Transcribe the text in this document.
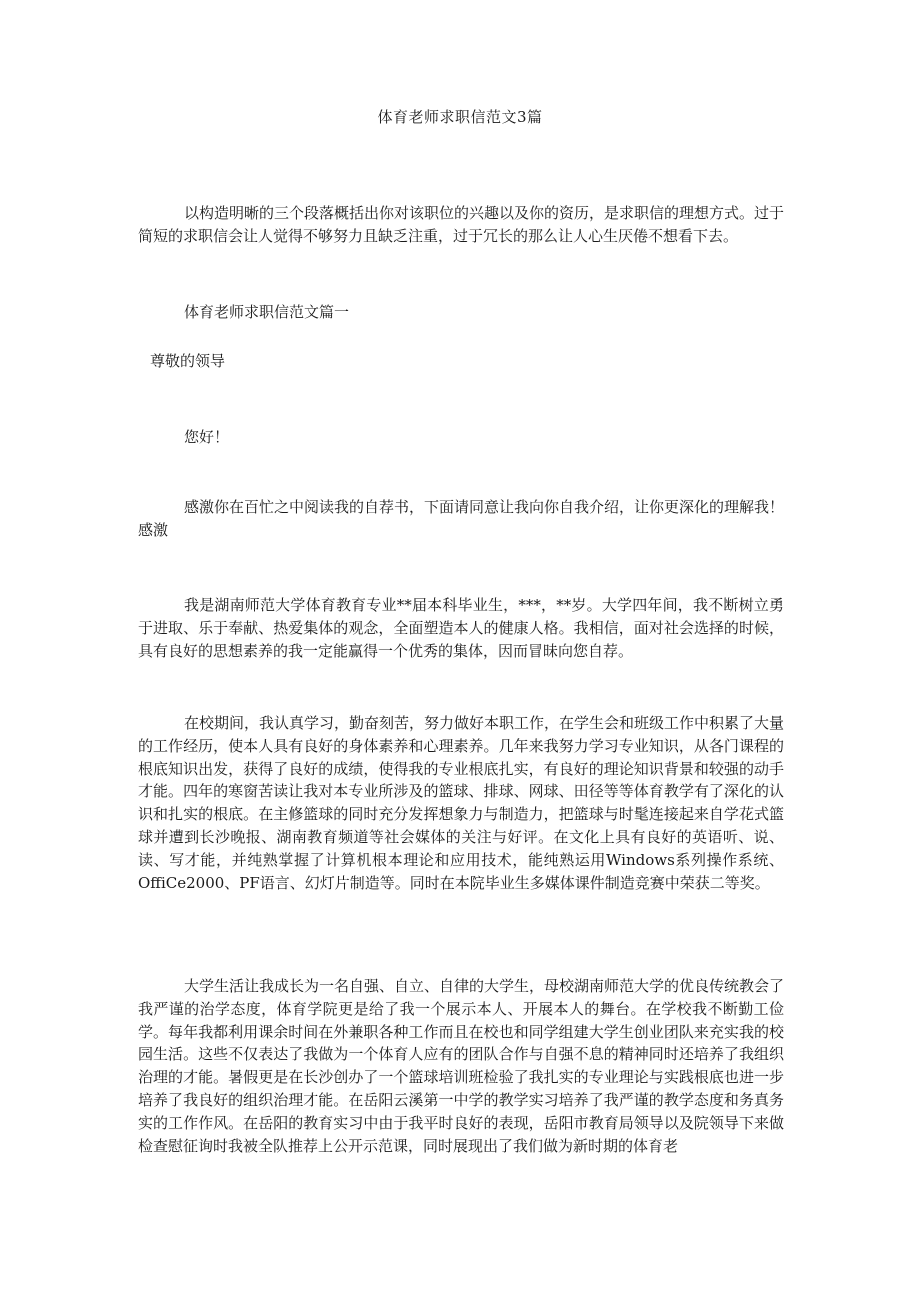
体育老师求职信范文3篇

以构造明晰的三个段落概括出你对该职位的兴趣以及你的资历，是求职信的理想方式。过于简短的求职信会让人觉得不够努力且缺乏注重，过于冗长的那么让人心生厌倦不想看下去。

体育老师求职信范文篇一

尊敬的领导

您好！

感激你在百忙之中阅读我的自荐书，下面请同意让我向你自我介绍，让你更深化的理解我！感激

我是湖南师范大学体育教育专业**届本科毕业生，***，**岁。大学四年间，我不断树立勇于进取、乐于奉献、热爱集体的观念，全面塑造本人的健康人格。我相信，面对社会选择的时候，具有良好的思想素养的我一定能赢得一个优秀的集体，因而冒昧向您自荐。

在校期间，我认真学习，勤奋刻苦，努力做好本职工作，在学生会和班级工作中积累了大量的工作经历，使本人具有良好的身体素养和心理素养。几年来我努力学习专业知识，从各门课程的根底知识出发，获得了良好的成绩，使得我的专业根底扎实，有良好的理论知识背景和较强的动手才能。四年的寒窗苦读让我对本专业所涉及的篮球、排球、网球、田径等等体育教学有了深化的认识和扎实的根底。在主修篮球的同时充分发挥想象力与制造力，把篮球与时髦连接起来自学花式篮球并遭到长沙晚报、湖南教育频道等社会媒体的关注与好评。在文化上具有良好的英语听、说、读、写才能，并纯熟掌握了计算机根本理论和应用技术，能纯熟运用Windows系列操作系统、OffiCe2000、PF语言、幻灯片制造等。同时在本院毕业生多媒体课件制造竞赛中荣获二等奖。

大学生活让我成长为一名自强、自立、自律的大学生，母校湖南师范大学的优良传统教会了我严谨的治学态度，体育学院更是给了我一个展示本人、开展本人的舞台。在学校我不断勤工俭学。每年我都利用课余时间在外兼职各种工作而且在校也和同学组建大学生创业团队来充实我的校园生活。这些不仅表达了我做为一个体育人应有的团队合作与自强不息的精神同时还培养了我组织治理的才能。暑假更是在长沙创办了一个篮球培训班检验了我扎实的专业理论与实践根底也进一步培养了我良好的组织治理才能。在岳阳云溪第一中学的教学实习培养了我严谨的教学态度和务真务实的工作作风。在岳阳的教育实习中由于我平时良好的表现，岳阳市教育局领导以及院领导下来做检查慰征询时我被全队推荐上公开示范课，同时展现出了我们做为新时期的体育老
